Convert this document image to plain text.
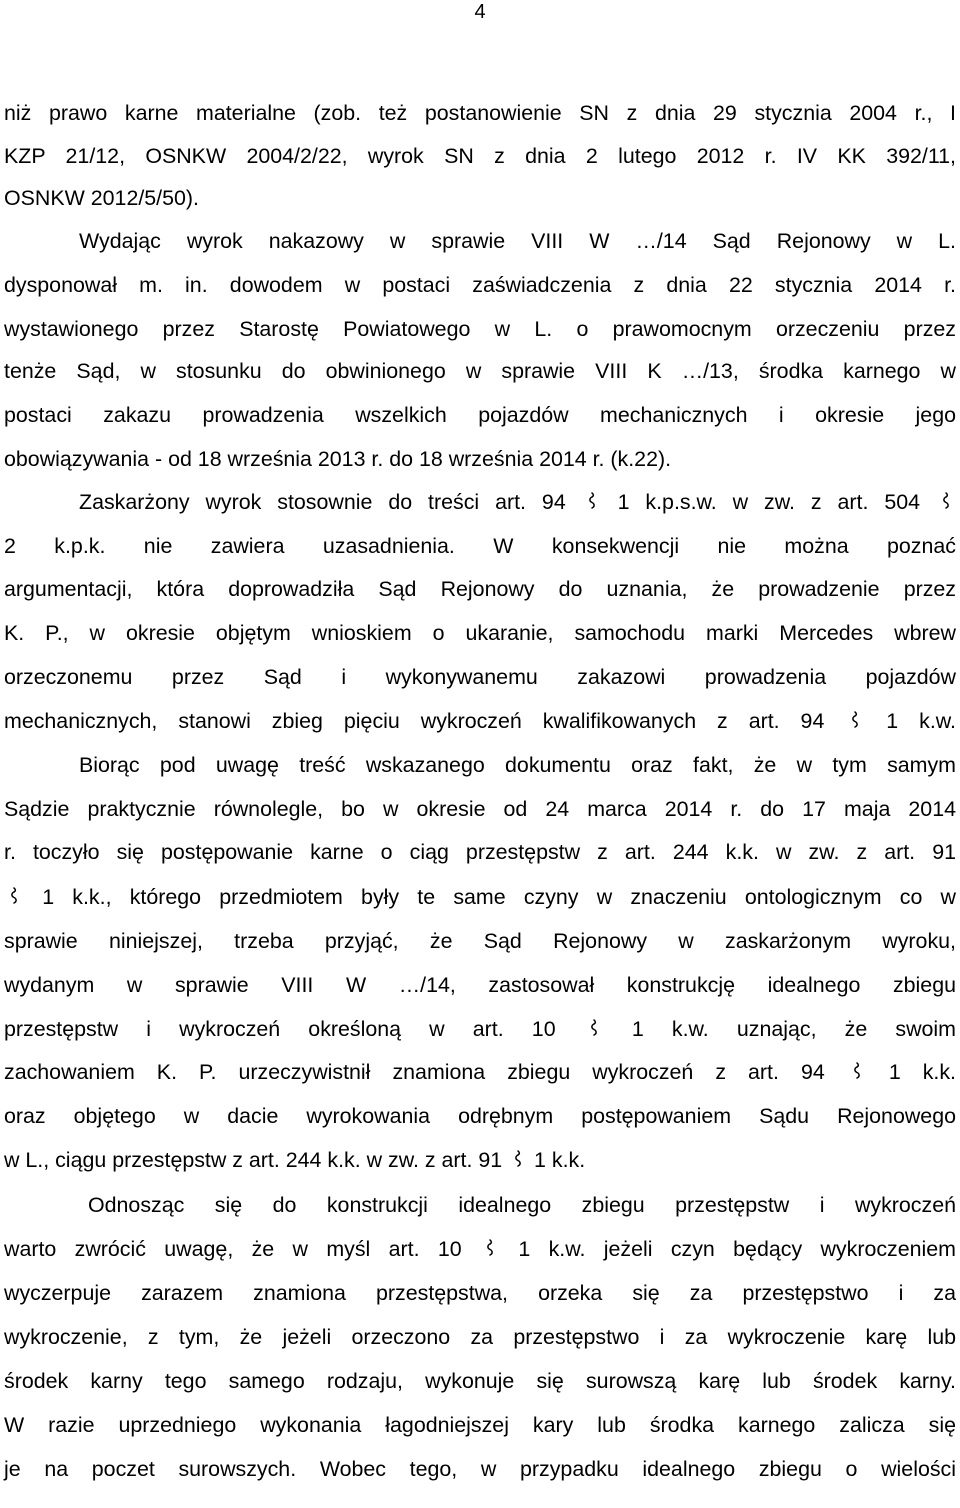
4
niż prawo karne materialne (zob. też postanowienie SN z dnia 29 stycznia 2004 r., I
KZP 21/12, OSNKW 2004/2/22, wyrok SN z dnia 2 lutego 2012 r. IV KK 392/11,
OSNKW 2012/5/50).
Wydając wyrok nakazowy w sprawie VIII W …/14 Sąd Rejonowy w L.
dysponował m. in. dowodem w postaci zaświadczenia z dnia 22 stycznia 2014 r.
wystawionego przez Starostę Powiatowego w L. o prawomocnym orzeczeniu przez
tenże Sąd, w stosunku do obwinionego w sprawie VIII K …/13, środka karnego w
postaci zakazu prowadzenia wszelkich pojazdów mechanicznych i okresie jego
obowiązywania - od 18 września 2013 r. do 18 września 2014 r. (k.22).
Zaskarżony wyrok stosownie do treści art. 94 1 k.p.s.w. w zw. z art. 504
2 k.p.k. nie zawiera uzasadnienia. W konsekwencji nie można poznać
argumentacji, która doprowadziła Sąd Rejonowy do uznania, że prowadzenie przez
K. P., w okresie objętym wnioskiem o ukaranie, samochodu marki Mercedes wbrew
orzeczonemu przez Sąd i wykonywanemu zakazowi prowadzenia pojazdów
mechanicznych, stanowi zbieg pięciu wykroczeń kwalifikowanych z art. 94	1 k.w.
Biorąc pod uwagę treść wskazanego dokumentu oraz fakt, że w tym samym
Sądzie praktycznie równolegle, bo w okresie od 24 marca 2014 r. do 17 maja 2014
r. toczyło się postępowanie karne o ciąg przestępstw z art. 244 k.k. w zw. z art. 91
1 k.k., którego przedmiotem były te same czyny w znaczeniu ontologicznym co w
sprawie niniejszej, trzeba przyjąć, że Sąd Rejonowy w zaskarżonym wyroku,
wydanym w sprawie VIII W …/14, zastosował konstrukcję idealnego zbiegu
przestępstw i wykroczeń określoną w art. 10	1 k.w. uznając, że swoim
zachowaniem K. P. urzeczywistnił znamiona zbiegu wykroczeń z art. 94	1 k.k.
oraz objętego w dacie wyrokowania odrębnym postępowaniem Sądu Rejonowego
w L., ciągu przestępstw z art. 244 k.k. w zw. z art. 91 1 k.k.
Odnosząc się do konstrukcji idealnego zbiegu przestępstw i wykroczeń
warto zwrócić uwagę, że w myśl art. 10	1 k.w. jeżeli czyn będący wykroczeniem
wyczerpuje zarazem znamiona przestępstwa, orzeka się za przestępstwo i za
wykroczenie, z tym, że jeżeli orzeczono za przestępstwo i za wykroczenie karę lub
środek karny tego samego rodzaju, wykonuje się surowszą karę lub środek karny.
W razie uprzedniego wykonania łagodniejszej kary lub środka karnego zalicza się
je na poczet surowszych. Wobec tego, w przypadku idealnego zbiegu o wielości
